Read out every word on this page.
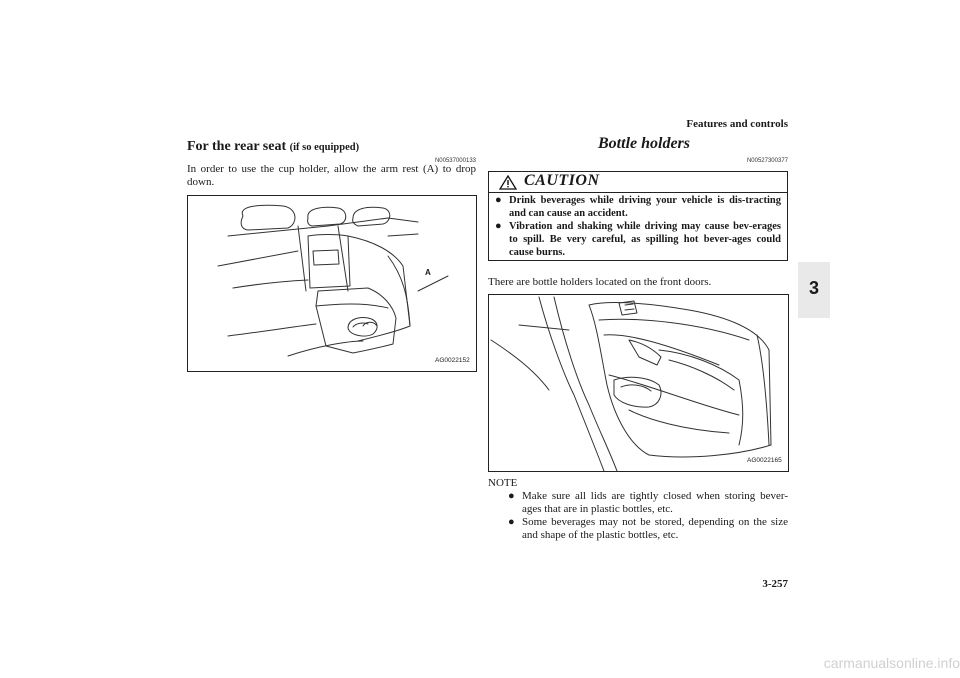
Features and controls
3
For the rear seat (if so equipped)
N00537000133
In order to use the cup holder, allow the arm rest (A) to drop down.
A
AG0022152
Bottle holders
N00527300377
CAUTION
● Drink beverages while driving your vehicle is dis-tracting and can cause an accident.
● Vibration and shaking while driving may cause bev-erages to spill. Be very careful, as spilling hot bever-ages could cause burns.
There are bottle holders located on the front doors.
AG0022165
NOTE
● Make sure all lids are tightly closed when storing bever-ages that are in plastic bottles, etc.
● Some beverages may not be stored, depending on the size and shape of the plastic bottles, etc.
3-257
carmanualsonline.info
